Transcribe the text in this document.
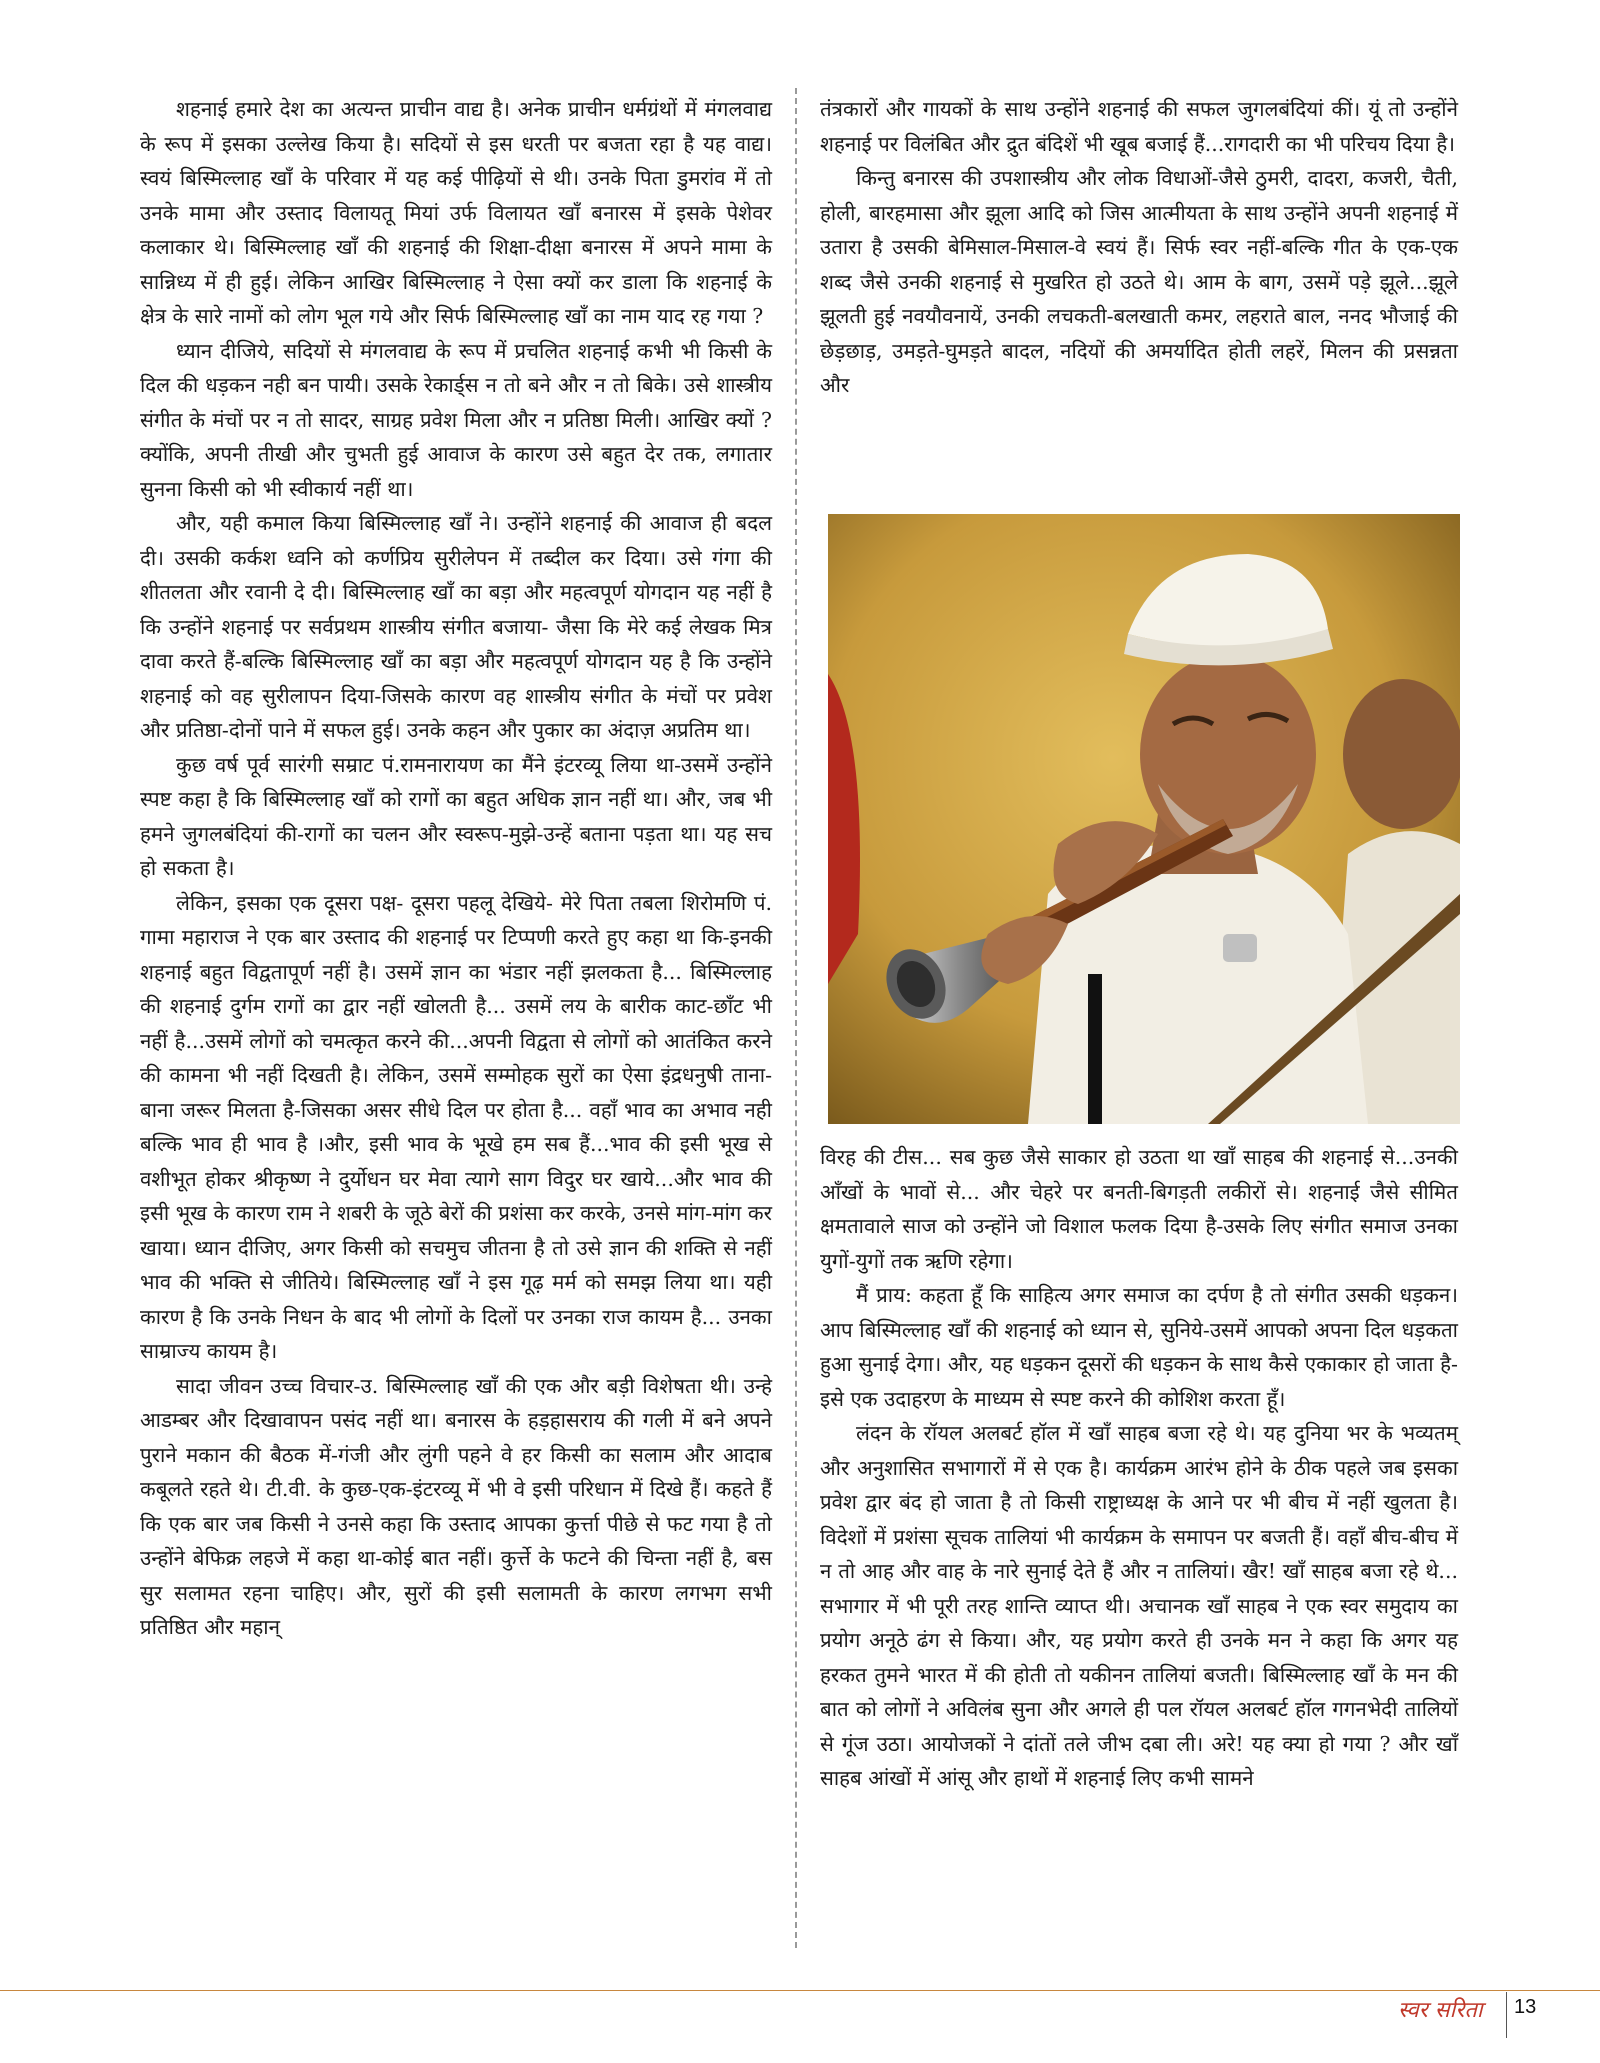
शहनाई हमारे देश का अत्यन्त प्राचीन वाद्य है। अनेक प्राचीन धर्मग्रंथों में मंगलवाद्य के रूप में इसका उल्लेख किया है। सदियों से इस धरती पर बजता रहा है यह वाद्य। स्वयं बिस्मिल्लाह खाँ के परिवार में यह कई पीढ़ियों से थी। उनके पिता डुमरांव में तो उनके मामा और उस्ताद विलायतू मियां उर्फ विलायत खाँ बनारस में इसके पेशेवर कलाकार थे। बिस्मिल्लाह खाँ की शहनाई की शिक्षा-दीक्षा बनारस में अपने मामा के सान्निध्य में ही हुई। लेकिन आखिर बिस्मिल्लाह ने ऐसा क्यों कर डाला कि शहनाई के क्षेत्र के सारे नामों को लोग भूल गये और सिर्फ बिस्मिल्लाह खाँ का नाम याद रह गया ?

ध्यान दीजिये, सदियों से मंगलवाद्य के रूप में प्रचलित शहनाई कभी भी किसी के दिल की धड़कन नही बन पायी। उसके रेकार्ड्स न तो बने और न तो बिके। उसे शास्त्रीय संगीत के मंचों पर न तो सादर, साग्रह प्रवेश मिला और न प्रतिष्ठा मिली। आखिर क्यों ? क्योंकि, अपनी तीखी और चुभती हुई आवाज के कारण उसे बहुत देर तक, लगातार सुनना किसी को भी स्वीकार्य नहीं था।

और, यही कमाल किया बिस्मिल्लाह खाँ ने। उन्होंने शहनाई की आवाज ही बदल दी। उसकी कर्कश ध्वनि को कर्णप्रिय सुरीलेपन में तब्दील कर दिया। उसे गंगा की शीतलता और रवानी दे दी। बिस्मिल्लाह खाँ का बड़ा और महत्वपूर्ण योगदान यह नहीं है कि उन्होंने शहनाई पर सर्वप्रथम शास्त्रीय संगीत बजाया- जैसा कि मेरे कई लेखक मित्र दावा करते हैं-बल्कि बिस्मिल्लाह खाँ का बड़ा और महत्वपूर्ण योगदान यह है कि उन्होंने शहनाई को वह सुरीलापन दिया-जिसके कारण वह शास्त्रीय संगीत के मंचों पर प्रवेश और प्रतिष्ठा-दोनों पाने में सफल हुई। उनके कहन और पुकार का अंदाज़ अप्रतिम था।

कुछ वर्ष पूर्व सारंगी सम्राट पं.रामनारायण का मैंने इंटरव्यू लिया था-उसमें उन्होंने स्पष्ट कहा है कि बिस्मिल्लाह खाँ को रागों का बहुत अधिक ज्ञान नहीं था। और, जब भी हमने जुगलबंदियां की-रागों का चलन और स्वरूप-मुझे-उन्हें बताना पड़ता था। यह सच हो सकता है।

लेकिन, इसका एक दूसरा पक्ष- दूसरा पहलू देखिये- मेरे पिता तबला शिरोमणि पं. गामा महाराज ने एक बार उस्ताद की शहनाई पर टिप्पणी करते हुए कहा था कि-इनकी शहनाई बहुत विद्वतापूर्ण नहीं है। उसमें ज्ञान का भंडार नहीं झलकता है... बिस्मिल्लाह की शहनाई दुर्गम रागों का द्वार नहीं खोलती है... उसमें लय के बारीक काट-छाँट भी नहीं है...उसमें लोगों को चमत्कृत करने की...अपनी विद्वता से लोगों को आतंकित करने की कामना भी नहीं दिखती है। लेकिन, उसमें सम्मोहक सुरों का ऐसा इंद्रधनुषी ताना-बाना जरूर मिलता है-जिसका असर सीधे दिल पर होता है... वहाँ भाव का अभाव नही बल्कि भाव ही भाव है ।और, इसी भाव के भूखे हम सब हैं...भाव की इसी भूख से वशीभूत होकर श्रीकृष्ण ने दुर्योधन घर मेवा त्यागे साग विदुर घर खाये...और भाव की इसी भूख के कारण राम ने शबरी के जूठे बेरों की प्रशंसा कर करके, उनसे मांग-मांग कर खाया। ध्यान दीजिए, अगर किसी को सचमुच जीतना है तो उसे ज्ञान की शक्ति से नहीं भाव की भक्ति से जीतिये। बिस्मिल्लाह खाँ ने इस गूढ़ मर्म को समझ लिया था। यही कारण है कि उनके निधन के बाद भी लोगों के दिलों पर उनका राज कायम है... उनका साम्राज्य कायम है।

सादा जीवन उच्च विचार-उ. बिस्मिल्लाह खाँ की एक और बड़ी विशेषता थी। उन्हे आडम्बर और दिखावापन पसंद नहीं था। बनारस के हड़हासराय की गली में बने अपने पुराने मकान की बैठक में-गंजी और लुंगी पहने वे हर किसी का सलाम और आदाब कबूलते रहते थे। टी.वी. के कुछ-एक-इंटरव्यू में भी वे इसी परिधान में दिखे हैं। कहते हैं कि एक बार जब किसी ने उनसे कहा कि उस्ताद आपका कुर्त्ता पीछे से फट गया है तो उन्होंने बेफिक्र लहजे में कहा था-कोई बात नहीं। कुर्त्ते के फटने की चिन्ता नहीं है, बस सुर सलामत रहना चाहिए। और, सुरों की इसी सलामती के कारण लगभग सभी प्रतिष्ठित और महान्

तंत्रकारों और गायकों के साथ उन्होंने शहनाई की सफल जुगलबंदियां कीं। यूं तो उन्होंने शहनाई पर विलंबित और द्रुत बंदिशें भी खूब बजाई हैं...रागदारी का भी परिचय दिया है।

किन्तु बनारस की उपशास्त्रीय और लोक विधाओं-जैसे ठुमरी, दादरा, कजरी, चैती, होली, बारहमासा और झूला आदि को जिस आत्मीयता के साथ उन्होंने अपनी शहनाई में उतारा है उसकी बेमिसाल-मिसाल-वे स्वयं हैं। सिर्फ स्वर नहीं-बल्कि गीत के एक-एक शब्द जैसे उनकी शहनाई से मुखरित हो उठते थे। आम के बाग, उसमें पड़े झूले...झूले झूलती हुई नवयौवनायें, उनकी लचकती-बलखाती कमर, लहराते बाल, ननद भौजाई की छेड़छाड़, उमड़ते-घुमड़ते बादल, नदियों की अमर्यादित होती लहरें, मिलन की प्रसन्नता और

विरह की टीस... सब कुछ जैसे साकार हो उठता था खाँ साहब की शहनाई से...उनकी आँखों के भावों से... और चेहरे पर बनती-बिगड़ती लकीरों से। शहनाई जैसे सीमित क्षमतावाले साज को उन्होंने जो विशाल फलक दिया है-उसके लिए संगीत समाज उनका युगों-युगों तक ऋणि रहेगा।

मैं प्राय: कहता हूँ कि साहित्य अगर समाज का दर्पण है तो संगीत उसकी धड़कन। आप बिस्मिल्लाह खाँ की शहनाई को ध्यान से, सुनिये-उसमें आपको अपना दिल धड़कता हुआ सुनाई देगा। और, यह धड़कन दूसरों की धड़कन के साथ कैसे एकाकार हो जाता है-इसे एक उदाहरण के माध्यम से स्पष्ट करने की कोशिश करता हूँ।

लंदन के रॉयल अलबर्ट हॉल में खाँ साहब बजा रहे थे। यह दुनिया भर के भव्यतम् और अनुशासित सभागारों में से एक है। कार्यक्रम आरंभ होने के ठीक पहले जब इसका प्रवेश द्वार बंद हो जाता है तो किसी राष्ट्राध्यक्ष के आने पर भी बीच में नहीं खुलता है। विदेशों में प्रशंसा सूचक तालियां भी कार्यक्रम के समापन पर बजती हैं। वहाँ बीच-बीच में न तो आह और वाह के नारे सुनाई देते हैं और न तालियां। खैर! खाँ साहब बजा रहे थे... सभागार में भी पूरी तरह शान्ति व्याप्त थी। अचानक खाँ साहब ने एक स्वर समुदाय का प्रयोग अनूठे ढंग से किया। और, यह प्रयोग करते ही उनके मन ने कहा कि अगर यह हरकत तुमने भारत में की होती तो यकीनन तालियां बजती। बिस्मिल्लाह खाँ के मन की बात को लोगों ने अविलंब सुना और अगले ही पल रॉयल अलबर्ट हॉल गगनभेदी तालियों से गूंज उठा। आयोजकों ने दांतों तले जीभ दबा ली। अरे! यह क्या हो गया ? और खाँ साहब आंखों में आंसू और हाथों में शहनाई लिए कभी सामने

स्वर सरिता 13
